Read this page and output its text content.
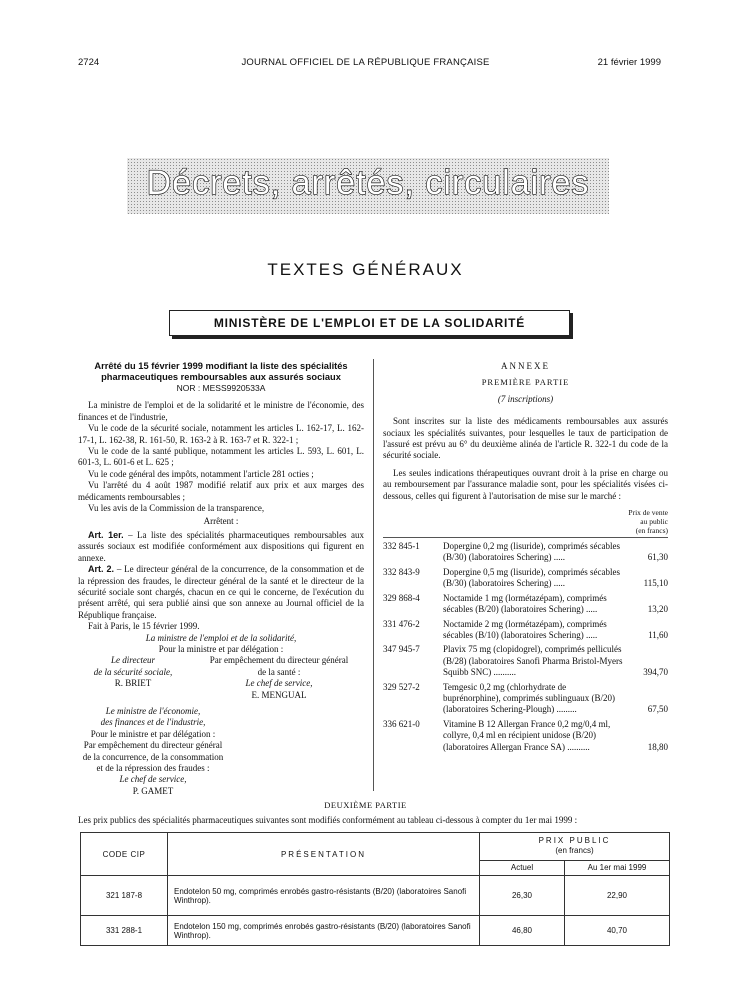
2724	JOURNAL OFFICIEL DE LA RÉPUBLIQUE FRANÇAISE	21 février 1999
Décrets, arrêtés, circulaires
TEXTES GÉNÉRAUX
MINISTÈRE DE L'EMPLOI ET DE LA SOLIDARITÉ

Arrêté du 15 février 1999 modifiant la liste des spécialités pharmaceutiques remboursables aux assurés sociaux

NOR : MESS9920533A

La ministre de l'emploi et de la solidarité et le ministre de l'économie, des finances et de l'industrie,

Vu le code de la sécurité sociale, notamment les articles L. 162-17, L. 162-17-1, L. 162-38, R. 161-50, R. 163-2 à R. 163-7 et R. 322-1 ;

Vu le code de la santé publique, notamment les articles L. 593, L. 601, L. 601-3, L. 601-6 et L. 625 ;

Vu le code général des impôts, notamment l'article 281 octies ;

Vu l'arrêté du 4 août 1987 modifié relatif aux prix et aux marges des médicaments remboursables ;

Vu les avis de la Commission de la transparence,

Arrêtent :

Art. 1er. – La liste des spécialités pharmaceutiques remboursables aux assurés sociaux est modifiée conformément aux dispositions qui figurent en annexe.

Art. 2. – Le directeur général de la concurrence, de la consommation et de la répression des fraudes, le directeur général de la santé et le directeur de la sécurité sociale sont chargés, chacun en ce qui le concerne, de l'exécution du présent arrêté, qui sera publié ainsi que son annexe au Journal officiel de la République française.

Fait à Paris, le 15 février 1999.

La ministre de l'emploi et de la solidarité,

Pour la ministre et par délégation :

Le directeur
de la sécurité sociale,
R. BRIET
Par empêchement du directeur général
de la santé :
Le chef de service,
E. MENGUAL

Le ministre de l'économie,

des finances et de l'industrie,

Pour le ministre et par délégation :

Par empêchement du directeur général

de la concurrence, de la consommation

et de la répression des fraudes :

Le chef de service,

P. GAMET

ANNEXE

PREMIÈRE PARTIE

(7 inscriptions)

Sont inscrites sur la liste des médicaments remboursables aux assurés sociaux les spécialités suivantes, pour lesquelles le taux de participation de l'assuré est prévu au 6° du deuxième alinéa de l'article R. 322-1 du code de la sécurité sociale.

Les seules indications thérapeutiques ouvrant droit à la prise en charge ou au remboursement par l'assurance maladie sont, pour les spécialités visées ci-dessous, celles qui figurent à l'autorisation de mise sur le marché :

Prix de vente

au public

(en francs)

332 845-1	Dopergine 0,2 mg (lisuride), comprimés sécables (B/30) (laboratoires Schering) .....	61,30
332 843-9	Dopergine 0,5 mg (lisuride), comprimés sécables (B/30) (laboratoires Schering) .....	115,10
329 868-4	Noctamide 1 mg (lormétazépam), comprimés sécables (B/20) (laboratoires Schering) .....	13,20
331 476-2	Noctamide 2 mg (lormétazépam), comprimés sécables (B/10) (laboratoires Schering) .....	11,60
347 945-7	Plavix 75 mg (clopidogrel), comprimés pelliculés (B/28) (laboratoires Sanofi Pharma Bristol-Myers Squibb SNC) ..........	394,70
329 527-2	Temgesic 0,2 mg (chlorhydrate de buprénorphine), comprimés sublinguaux (B/20) (laboratoires Schering-Plough) .........	67,50
336 621-0	Vitamine B 12 Allergan France 0,2 mg/0,4 ml, collyre, 0,4 ml en récipient unidose (B/20) (laboratoires Allergan France SA) ..........	18,80
DEUXIÈME PARTIE
Les prix publics des spécialités pharmaceutiques suivantes sont modifiés conformément au tableau ci-dessous à compter du 1er mai 1999 :
CODE CIP	PRÉSENTATION	PRIX PUBLIC
(en francs)	
		Actuel	Au 1er mai 1999
321 187-8	Endotelon 50 mg, comprimés enrobés gastro-résistants (B/20) (laboratoires Sanofi Winthrop).	26,30	22,90
331 288-1	Endotelon 150 mg, comprimés enrobés gastro-résistants (B/20) (laboratoires Sanofi Winthrop).	46,80	40,70
